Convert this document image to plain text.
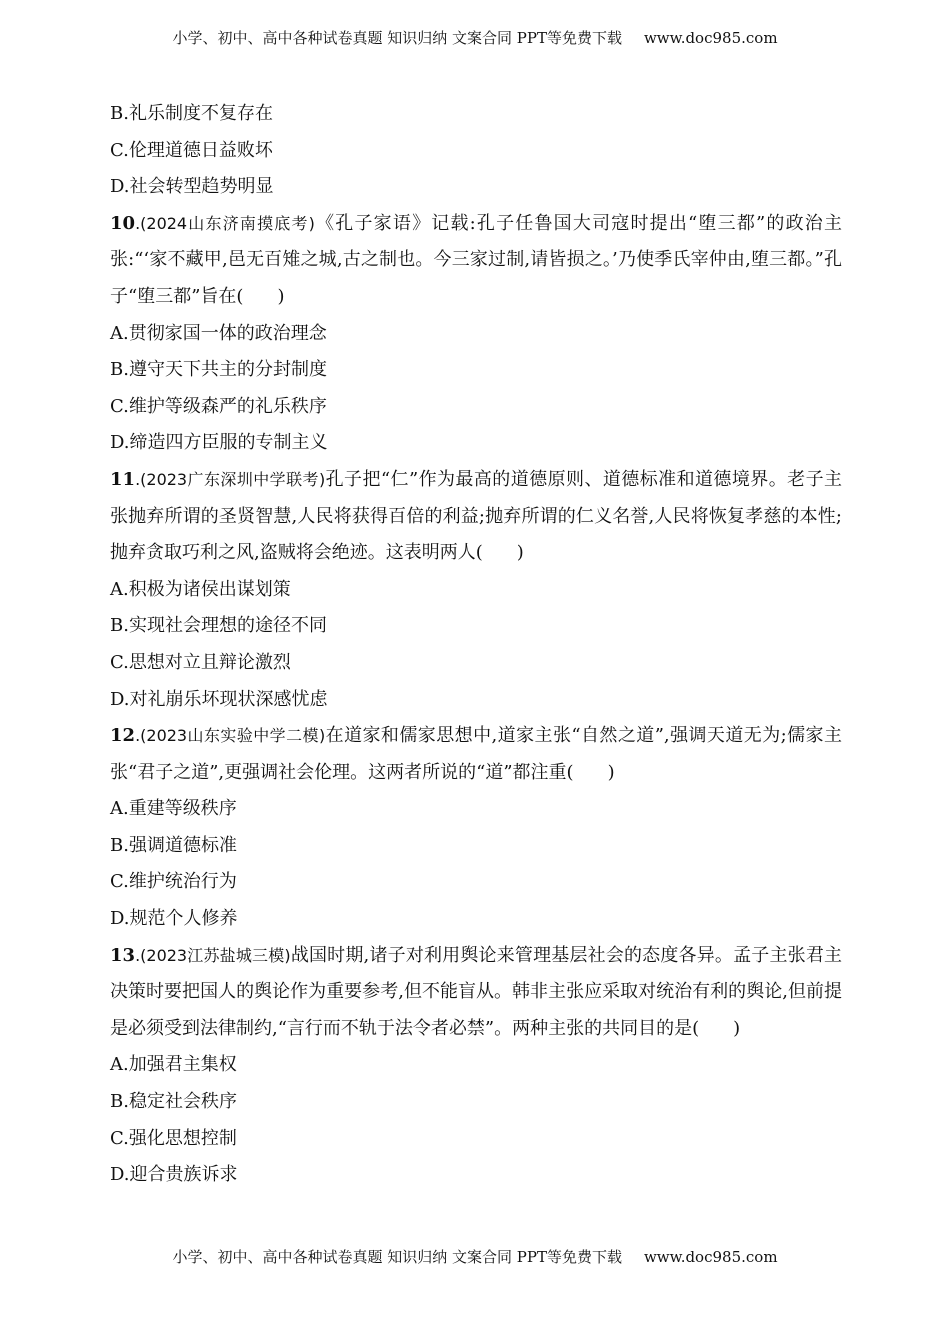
小学、初中、高中各种试卷真题 知识归纳 文案合同 PPT等免费下载 www.doc985.com
B.礼乐制度不复存在
C.伦理道德日益败坏
D.社会转型趋势明显
10.(2024山东济南摸底考)《孔子家语》记载:孔子任鲁国大司寇时提出“堕三都”的政治主张:“‘家不藏甲,邑无百雉之城,古之制也。今三家过制,请皆损之。’乃使季氏宰仲由,堕三都。”孔子“堕三都”旨在( )
A.贯彻家国一体的政治理念
B.遵守天下共主的分封制度
C.维护等级森严的礼乐秩序
D.缔造四方臣服的专制主义
11.(2023广东深圳中学联考)孔子把“仁”作为最高的道德原则、道德标准和道德境界。老子主张抛弃所谓的圣贤智慧,人民将获得百倍的利益;抛弃所谓的仁义名誉,人民将恢复孝慈的本性;抛弃贪取巧利之风,盗贼将会绝迹。这表明两人( )
A.积极为诸侯出谋划策
B.实现社会理想的途径不同
C.思想对立且辩论激烈
D.对礼崩乐坏现状深感忧虑
12.(2023山东实验中学二模)在道家和儒家思想中,道家主张“自然之道”,强调天道无为;儒家主张“君子之道”,更强调社会伦理。这两者所说的“道”都注重( )
A.重建等级秩序
B.强调道德标准
C.维护统治行为
D.规范个人修养
13.(2023江苏盐城三模)战国时期,诸子对利用舆论来管理基层社会的态度各异。孟子主张君主决策时要把国人的舆论作为重要参考,但不能盲从。韩非主张应采取对统治有利的舆论,但前提是必须受到法律制约,“言行而不轨于法令者必禁”。两种主张的共同目的是( )
A.加强君主集权
B.稳定社会秩序
C.强化思想控制
D.迎合贵族诉求
小学、初中、高中各种试卷真题 知识归纳 文案合同 PPT等免费下载 www.doc985.com
